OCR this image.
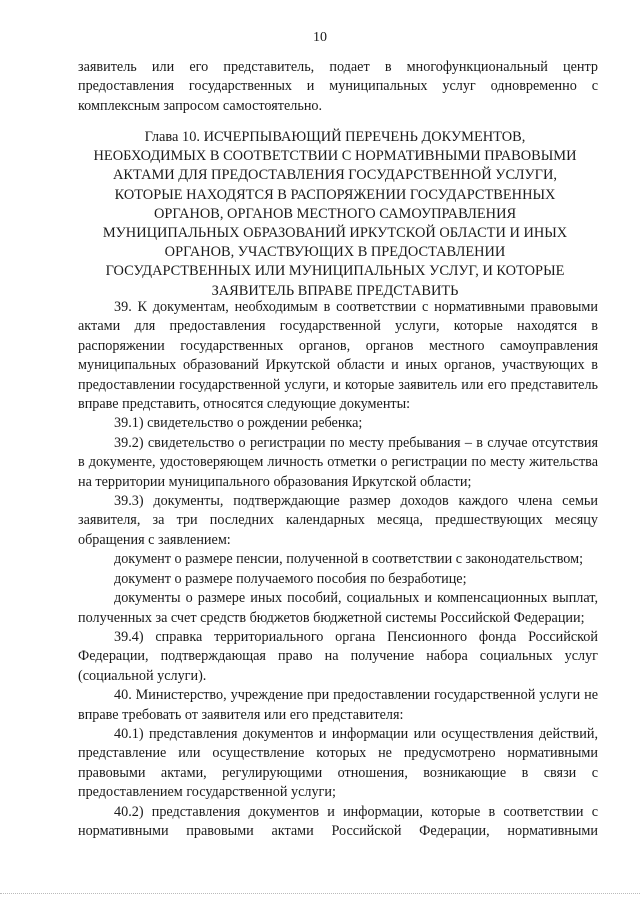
10

заявитель или его представитель, подает в многофункциональный центр предоставления государственных и муниципальных услуг одновременно с комплексным запросом самостоятельно.

Глава 10. ИСЧЕРПЫВАЮЩИЙ ПЕРЕЧЕНЬ ДОКУМЕНТОВ,
НЕОБХОДИМЫХ В СООТВЕТСТВИИ С НОРМАТИВНЫМИ ПРАВОВЫМИ
АКТАМИ ДЛЯ ПРЕДОСТАВЛЕНИЯ ГОСУДАРСТВЕННОЙ УСЛУГИ,
КОТОРЫЕ НАХОДЯТСЯ В РАСПОРЯЖЕНИИ ГОСУДАРСТВЕННЫХ
ОРГАНОВ, ОРГАНОВ МЕСТНОГО САМОУПРАВЛЕНИЯ
МУНИЦИПАЛЬНЫХ ОБРАЗОВАНИЙ ИРКУТСКОЙ ОБЛАСТИ И ИНЫХ
ОРГАНОВ, УЧАСТВУЮЩИХ В ПРЕДОСТАВЛЕНИИ
ГОСУДАРСТВЕННЫХ ИЛИ МУНИЦИПАЛЬНЫХ УСЛУГ, И КОТОРЫЕ
ЗАЯВИТЕЛЬ ВПРАВЕ ПРЕДСТАВИТЬ

39. К документам, необходимым в соответствии с нормативными правовыми актами для предоставления государственной услуги, которые находятся в распоряжении государственных органов, органов местного самоуправления муниципальных образований Иркутской области и иных органов, участвующих в предоставлении государственной услуги, и которые заявитель или его представитель вправе представить, относятся следующие документы:

39.1) свидетельство о рождении ребенка;

39.2) свидетельство о регистрации по месту пребывания – в случае отсутствия в документе, удостоверяющем личность отметки о регистрации по месту жительства на территории муниципального образования Иркутской области;

39.3) документы, подтверждающие размер доходов каждого члена семьи заявителя, за три последних календарных месяца, предшествующих месяцу обращения с заявлением:

документ о размере пенсии, полученной в соответствии с законодательством;

документ о размере получаемого пособия по безработице;

документы о размере иных пособий, социальных и компенсационных выплат, полученных за счет средств бюджетов бюджетной системы Российской Федерации;

39.4) справка территориального органа Пенсионного фонда Российской Федерации, подтверждающая право на получение набора социальных услуг (социальной услуги).

40. Министерство, учреждение при предоставлении государственной услуги не вправе требовать от заявителя или его представителя:

40.1) представления документов и информации или осуществления действий, представление или осуществление которых не предусмотрено нормативными правовыми актами, регулирующими отношения, возникающие в связи с предоставлением государственной услуги;

40.2) представления документов и информации, которые в соответствии с нормативными правовыми актами Российской Федерации, нормативными
